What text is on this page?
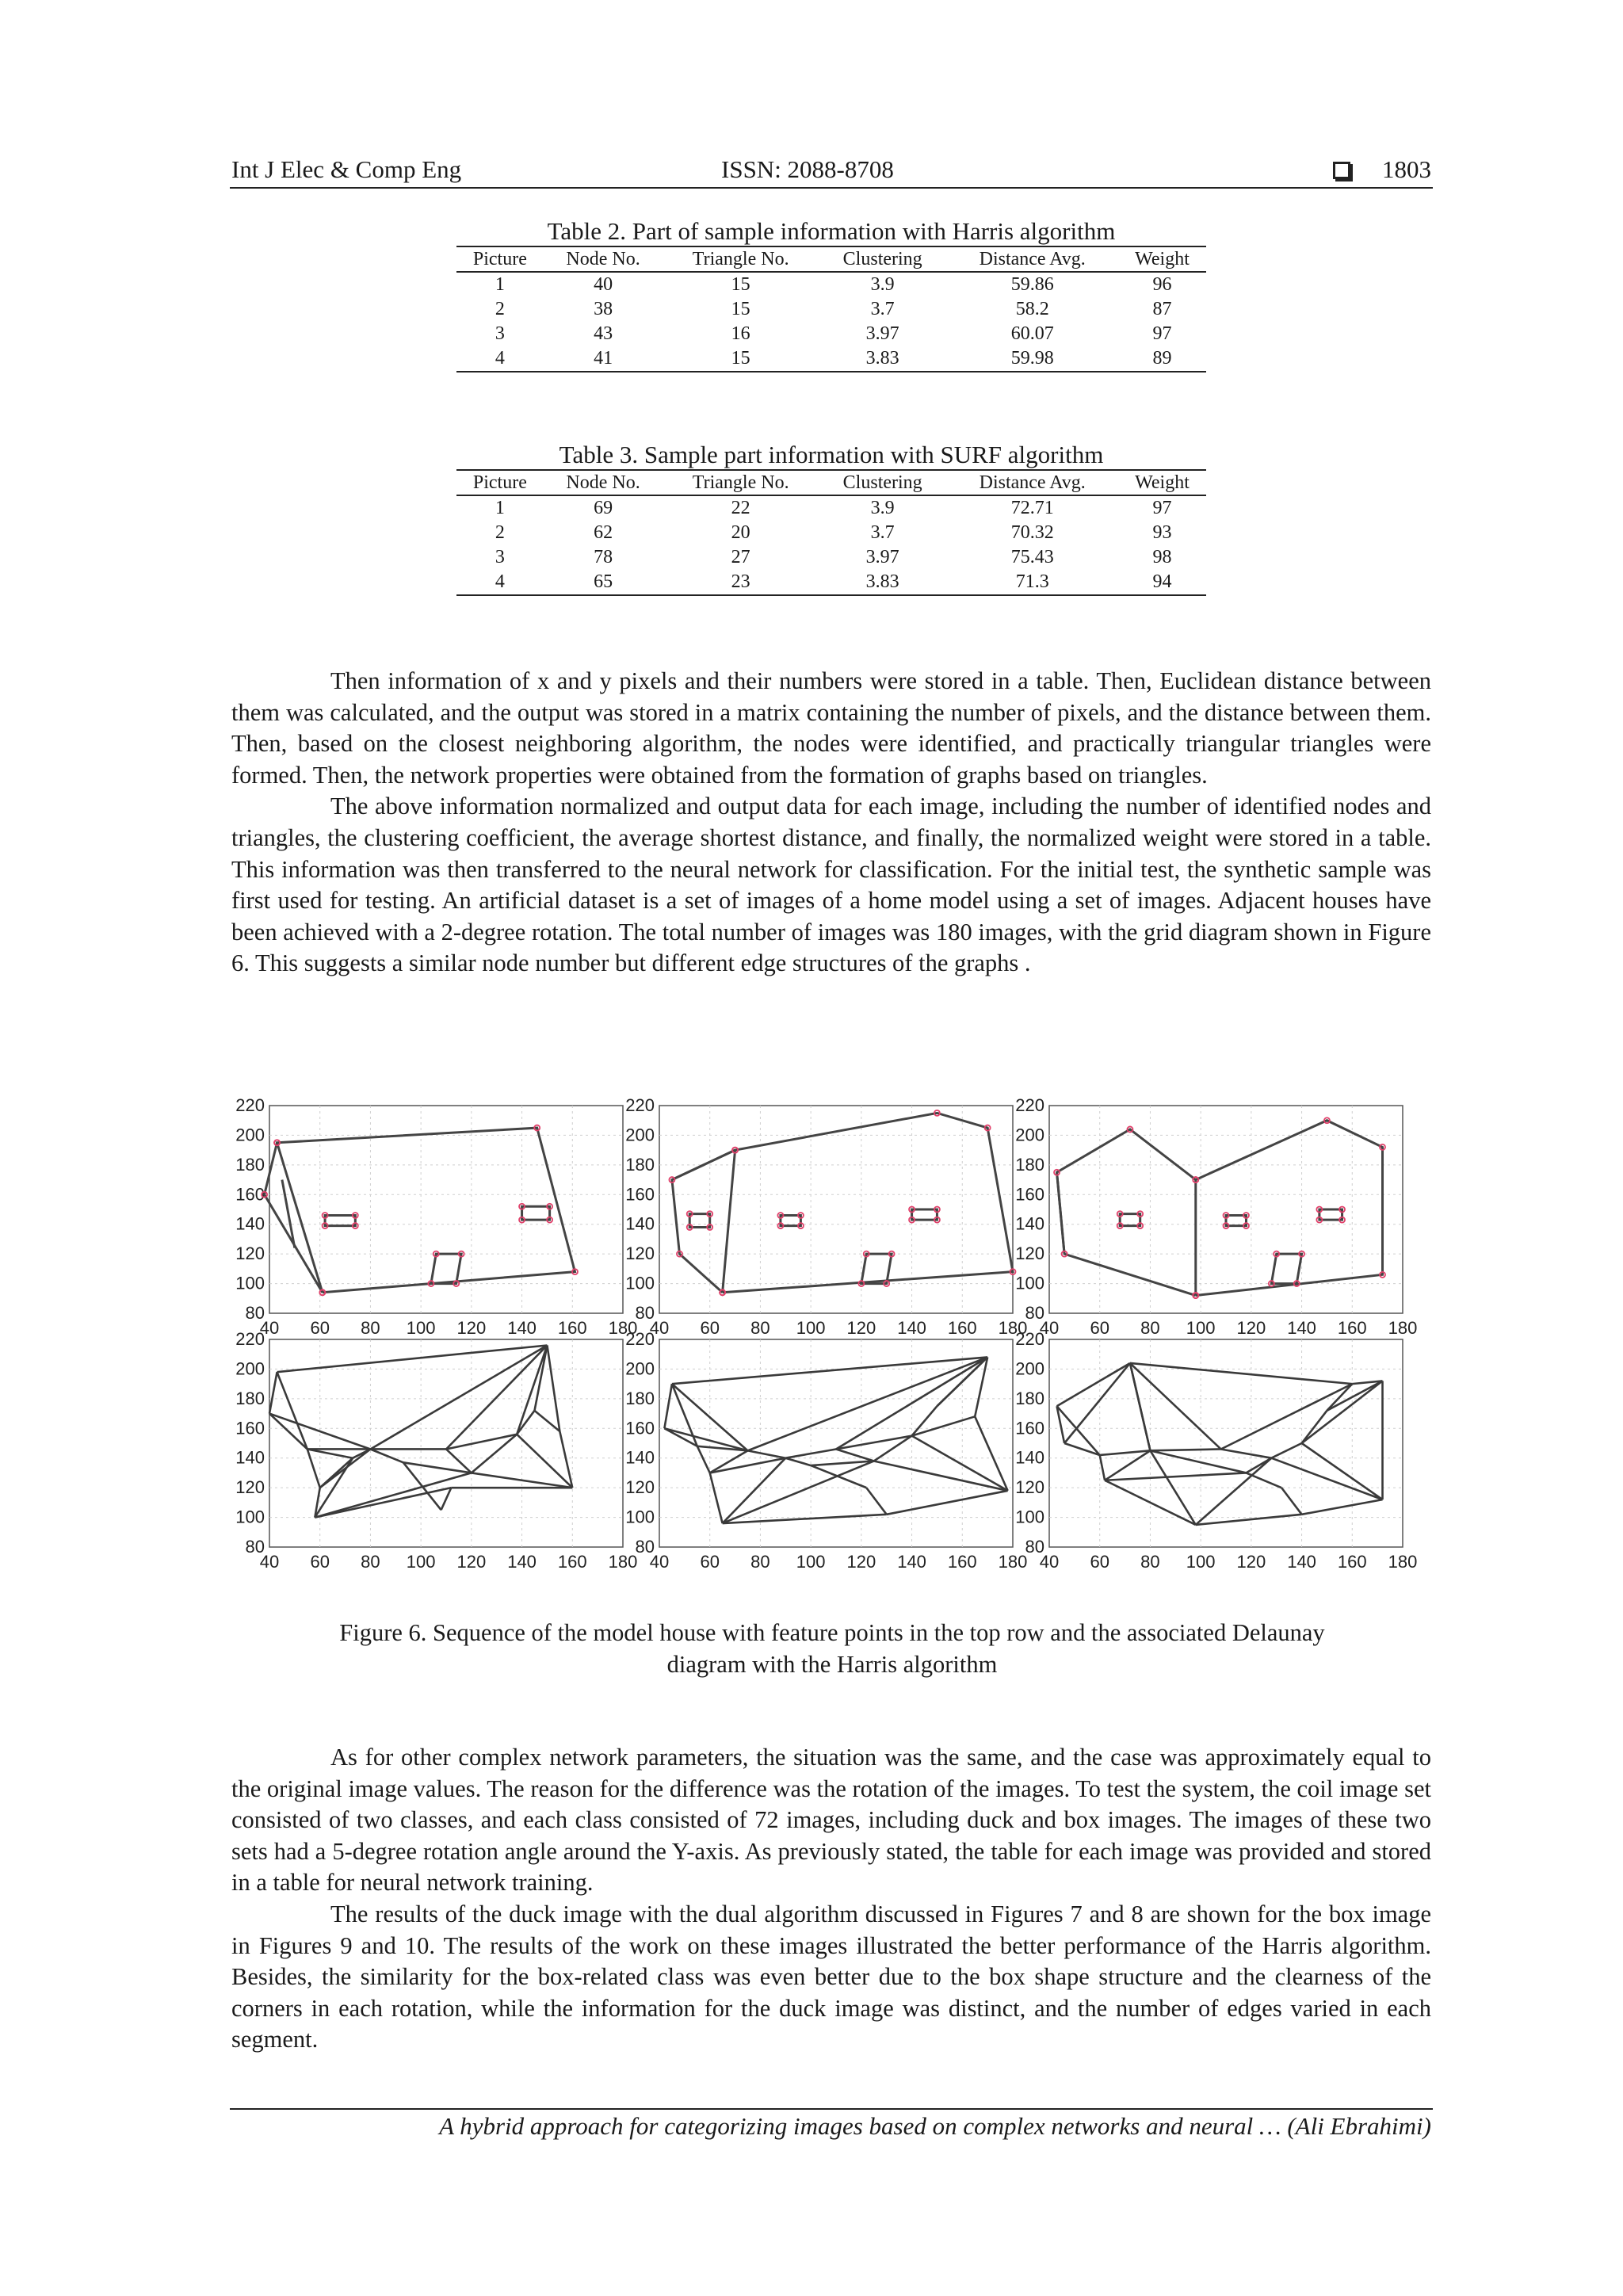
Int J Elec & Comp Eng	ISSN: 2088-8708	1803
Table 2. Part of sample information with Harris algorithm
Picture	Node No.	Triangle No.	Clustering	Distance Avg.	Weight
1	40	15	3.9	59.86	96
2	38	15	3.7	58.2	87
3	43	16	3.97	60.07	97
4	41	15	3.83	59.98	89
Table 3. Sample part information with SURF algorithm
Picture	Node No.	Triangle No.	Clustering	Distance Avg.	Weight
1	69	22	3.9	72.71	97
2	62	20	3.7	70.32	93
3	78	27	3.97	75.43	98
4	65	23	3.83	71.3	94

Then information of x and y pixels and their numbers were stored in a table. Then, Euclidean distance between them was calculated, and the output was stored in a matrix containing the number of pixels, and the distance between them. Then, based on the closest neighboring algorithm, the nodes were identified, and practically triangular triangles were formed. Then, the network properties were obtained from the formation of graphs based on triangles.

The above information normalized and output data for each image, including the number of identified nodes and triangles, the clustering coefficient, the average shortest distance, and finally, the normalized weight were stored in a table. This information was then transferred to the neural network for classification. For the initial test, the synthetic sample was first used for testing. An artificial dataset is a set of images of a home model using a set of images. Adjacent houses have been achieved with a 2-degree rotation. The total number of images was 180 images, with the grid diagram shown in Figure 6. This suggests a similar node number but different edge structures of the graphs .

220
200
180
160
140
120
100
80
40 60 80 100 120 140 160 180
220
200
180
160
140
120
100
80
40 60 80 100 120 140 160 180
220
200
180
160
140
120
100
80
40 60 80 100 120 140 160 180
220
200
180
160
140
120
100
80
40 60 80 100 120 140 160 180
220
200
180
160
140
120
100
80
40 60 80 100 120 140 160 180
220
200
180
160
140
120
100
80
40 60 80 100 120 140 160 180
Figure 6. Sequence of the model house with feature points in the top row and the associated Delaunay
diagram with the Harris algorithm

As for other complex network parameters, the situation was the same, and the case was approximately equal to the original image values. The reason for the difference was the rotation of the images. To test the system, the coil image set consisted of two classes, and each class consisted of 72 images, including duck and box images. The images of these two sets had a 5-degree rotation angle around the Y-axis. As previously stated, the table for each image was provided and stored in a table for neural network training.

The results of the duck image with the dual algorithm discussed in Figures 7 and 8 are shown for the box image in Figures 9 and 10. The results of the work on these images illustrated the better performance of the Harris algorithm. Besides, the similarity for the box-related class was even better due to the box shape structure and the clearness of the corners in each rotation, while the information for the duck image was distinct, and the number of edges varied in each segment.

A hybrid approach for categorizing images based on complex networks and neural … (Ali Ebrahimi)
